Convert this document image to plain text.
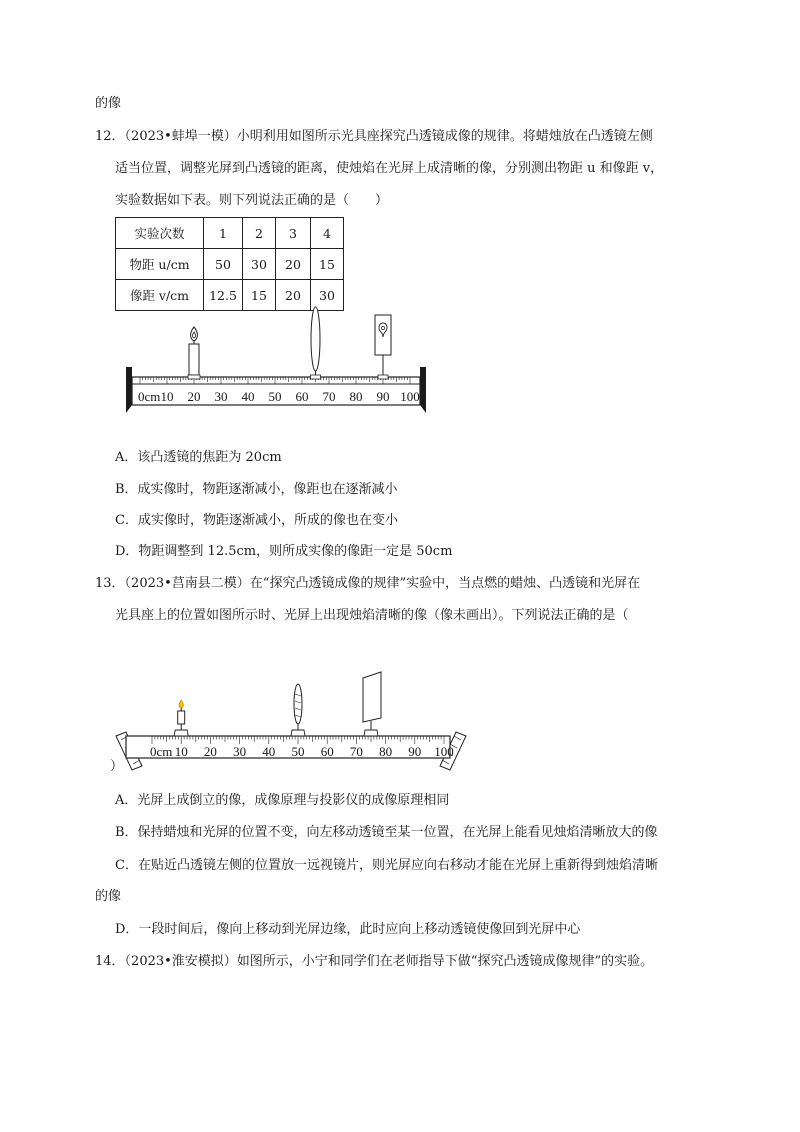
的像
12．（2023•蚌埠一模）小明利用如图所示光具座探究凸透镜成像的规律。将蜡烛放在凸透镜左侧
适当位置，调整光屏到凸透镜的距离，使烛焰在光屏上成清晰的像，分别测出物距 u 和像距 v，
实验数据如下表。则下列说法正确的是（　　）
实验次数	1	2	3	4
物距 u/cm	50	30	20	15
像距 v/cm	12.5	15	20	30
0cm 10 20 30 40 50 60 70 80 90 100
A．该凸透镜的焦距为 20cm
B．成实像时，物距逐渐减小，像距也在逐渐减小
C．成实像时，物距逐渐减小，所成的像也在变小
D．物距调整到 12.5cm，则所成实像的像距一定是 50cm
13．（2023•莒南县二模）在“探究凸透镜成像的规律”实验中，当点燃的蜡烛、凸透镜和光屏在
光具座上的位置如图所示时、光屏上出现烛焰清晰的像（像未画出）。下列说法正确的是（
0cm 10 20 30 40 50 60 70 80 90 100
）
A．光屏上成倒立的像，成像原理与投影仪的成像原理相同
B．保持蜡烛和光屏的位置不变，向左移动透镜至某一位置，在光屏上能看见烛焰清晰放大的像
C．在贴近凸透镜左侧的位置放一远视镜片，则光屏应向右移动才能在光屏上重新得到烛焰清晰
的像
D．一段时间后，像向上移动到光屏边缘，此时应向上移动透镜使像回到光屏中心
14．（2023•淮安模拟）如图所示，小宁和同学们在老师指导下做“探究凸透镜成像规律”的实验。
